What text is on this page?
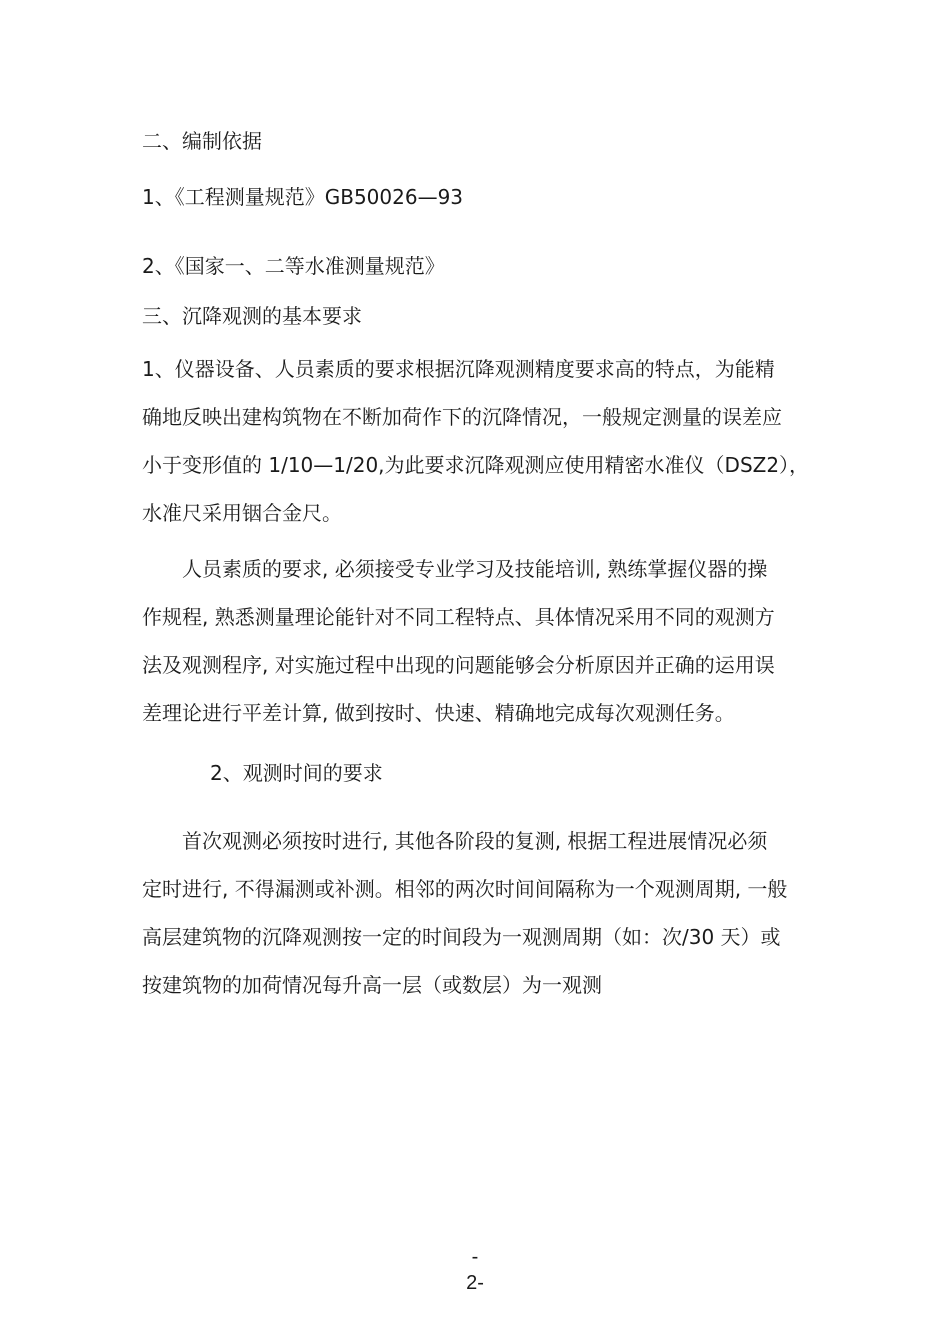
二、编制依据

1、《工程测量规范》GB50026—93

2、《国家一、二等水准测量规范》

三、沉降观测的基本要求

1、仪器设备、人员素质的要求根据沉降观测精度要求高的特点，为能精
确地反映出建构筑物在不断加荷作下的沉降情况，一般规定测量的误差应
小于变形值的 1/10—1/20,为此要求沉降观测应使用精密水准仪（DSZ2），
水准尺采用铟合金尺。
　　人员素质的要求, 必须接受专业学习及技能培训, 熟练掌握仪器的操
作规程, 熟悉测量理论能针对不同工程特点、具体情况采用不同的观测方
法及观测程序, 对实施过程中出现的问题能够会分析原因并正确的运用误
差理论进行平差计算, 做到按时、快速、精确地完成每次观测任务。

2、观测时间的要求

　　首次观测必须按时进行, 其他各阶段的复测, 根据工程进展情况必须
定时进行, 不得漏测或补测。相邻的两次时间间隔称为一个观测周期, 一般
高层建筑物的沉降观测按一定的时间段为一观测周期（如：次/30 天）或
按建筑物的加荷情况每升高一层（或数层）为一观测

-

2-
